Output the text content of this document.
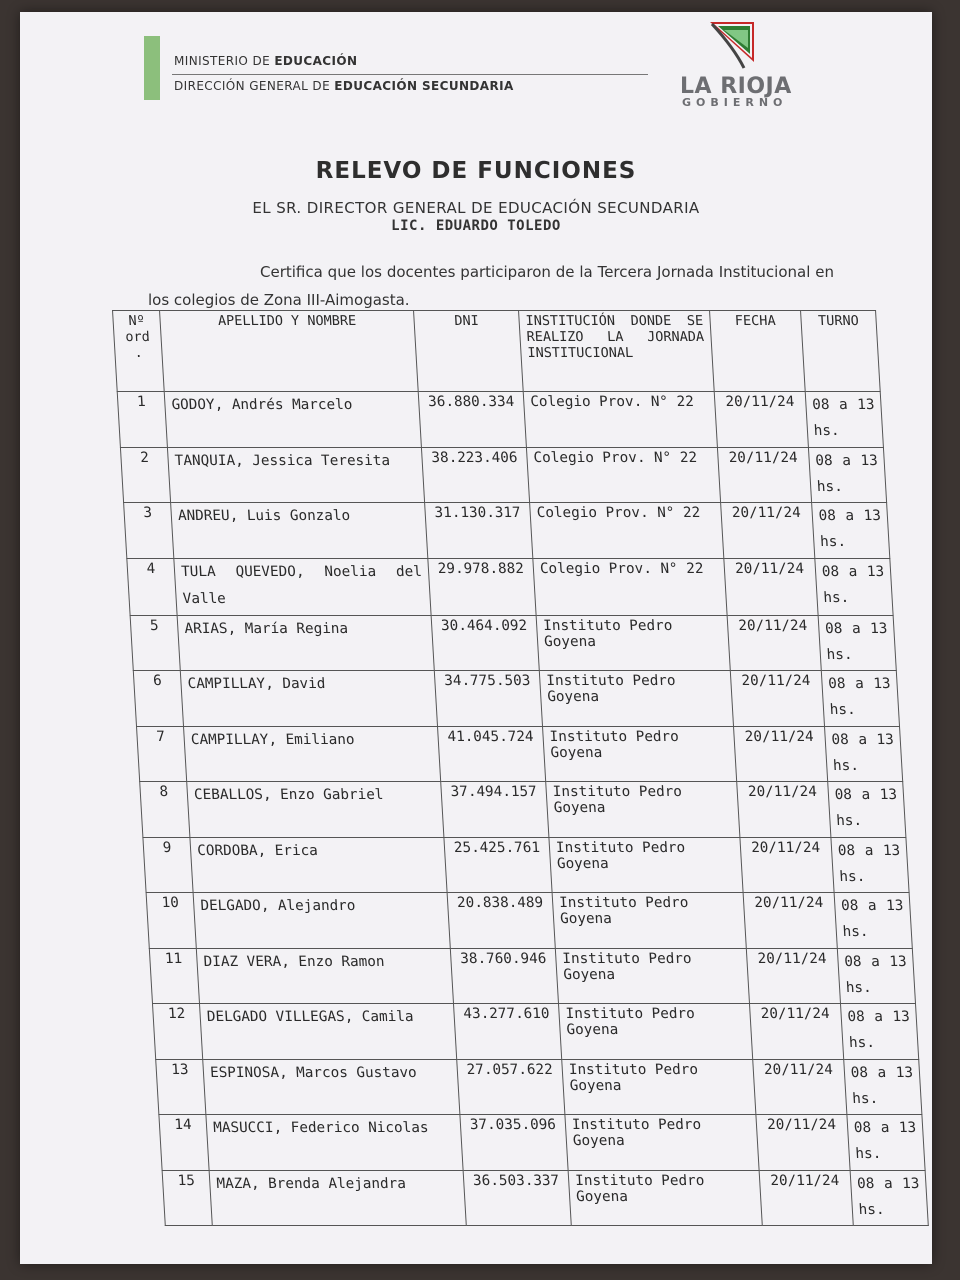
MINISTERIO DE EDUCACIÓN
DIRECCIÓN GENERAL DE EDUCACIÓN SECUNDARIA	LA RIOJA
GOBIERNO
RELEVO DE FUNCIONES
EL SR. DIRECTOR GENERAL DE EDUCACIÓN SECUNDARIA
LIC. EDUARDO TOLEDO
Certifica que los docentes participaron de la Tercera Jornada Institucional en los colegios de Zona III-Aimogasta.
Nº ord .	APELLIDO Y NOMBRE	DNI	INSTITUCIÓN DONDE SE REALIZO LA JORNADA INSTITUCIONAL	FECHA	TURNO
1	GODOY, Andrés Marcelo	36.880.334	Colegio Prov. N° 22	20/11/24	08 a 13 hs.
2	TANQUIA, Jessica Teresita	38.223.406	Colegio Prov. N° 22	20/11/24	08 a 13 hs.
3	ANDREU, Luis Gonzalo	31.130.317	Colegio Prov. N° 22	20/11/24	08 a 13 hs.
4	TULA QUEVEDO, Noelia del Valle	29.978.882	Colegio Prov. N° 22	20/11/24	08 a 13 hs.
5	ARIAS, María Regina	30.464.092	Instituto Pedro Goyena	20/11/24	08 a 13 hs.
6	CAMPILLAY, David	34.775.503	Instituto Pedro Goyena	20/11/24	08 a 13 hs.
7	CAMPILLAY, Emiliano	41.045.724	Instituto Pedro Goyena	20/11/24	08 a 13 hs.
8	CEBALLOS, Enzo Gabriel	37.494.157	Instituto Pedro Goyena	20/11/24	08 a 13 hs.
9	CORDOBA, Erica	25.425.761	Instituto Pedro Goyena	20/11/24	08 a 13 hs.
10	DELGADO, Alejandro	20.838.489	Instituto Pedro Goyena	20/11/24	08 a 13 hs.
11	DIAZ VERA, Enzo Ramon	38.760.946	Instituto Pedro Goyena	20/11/24	08 a 13 hs.
12	DELGADO VILLEGAS, Camila	43.277.610	Instituto Pedro Goyena	20/11/24	08 a 13 hs.
13	ESPINOSA, Marcos Gustavo	27.057.622	Instituto Pedro Goyena	20/11/24	08 a 13 hs.
14	MASUCCI, Federico Nicolas	37.035.096	Instituto Pedro Goyena	20/11/24	08 a 13 hs.
15	MAZA, Brenda Alejandra	36.503.337	Instituto Pedro Goyena	20/11/24	08 a 13 hs.
